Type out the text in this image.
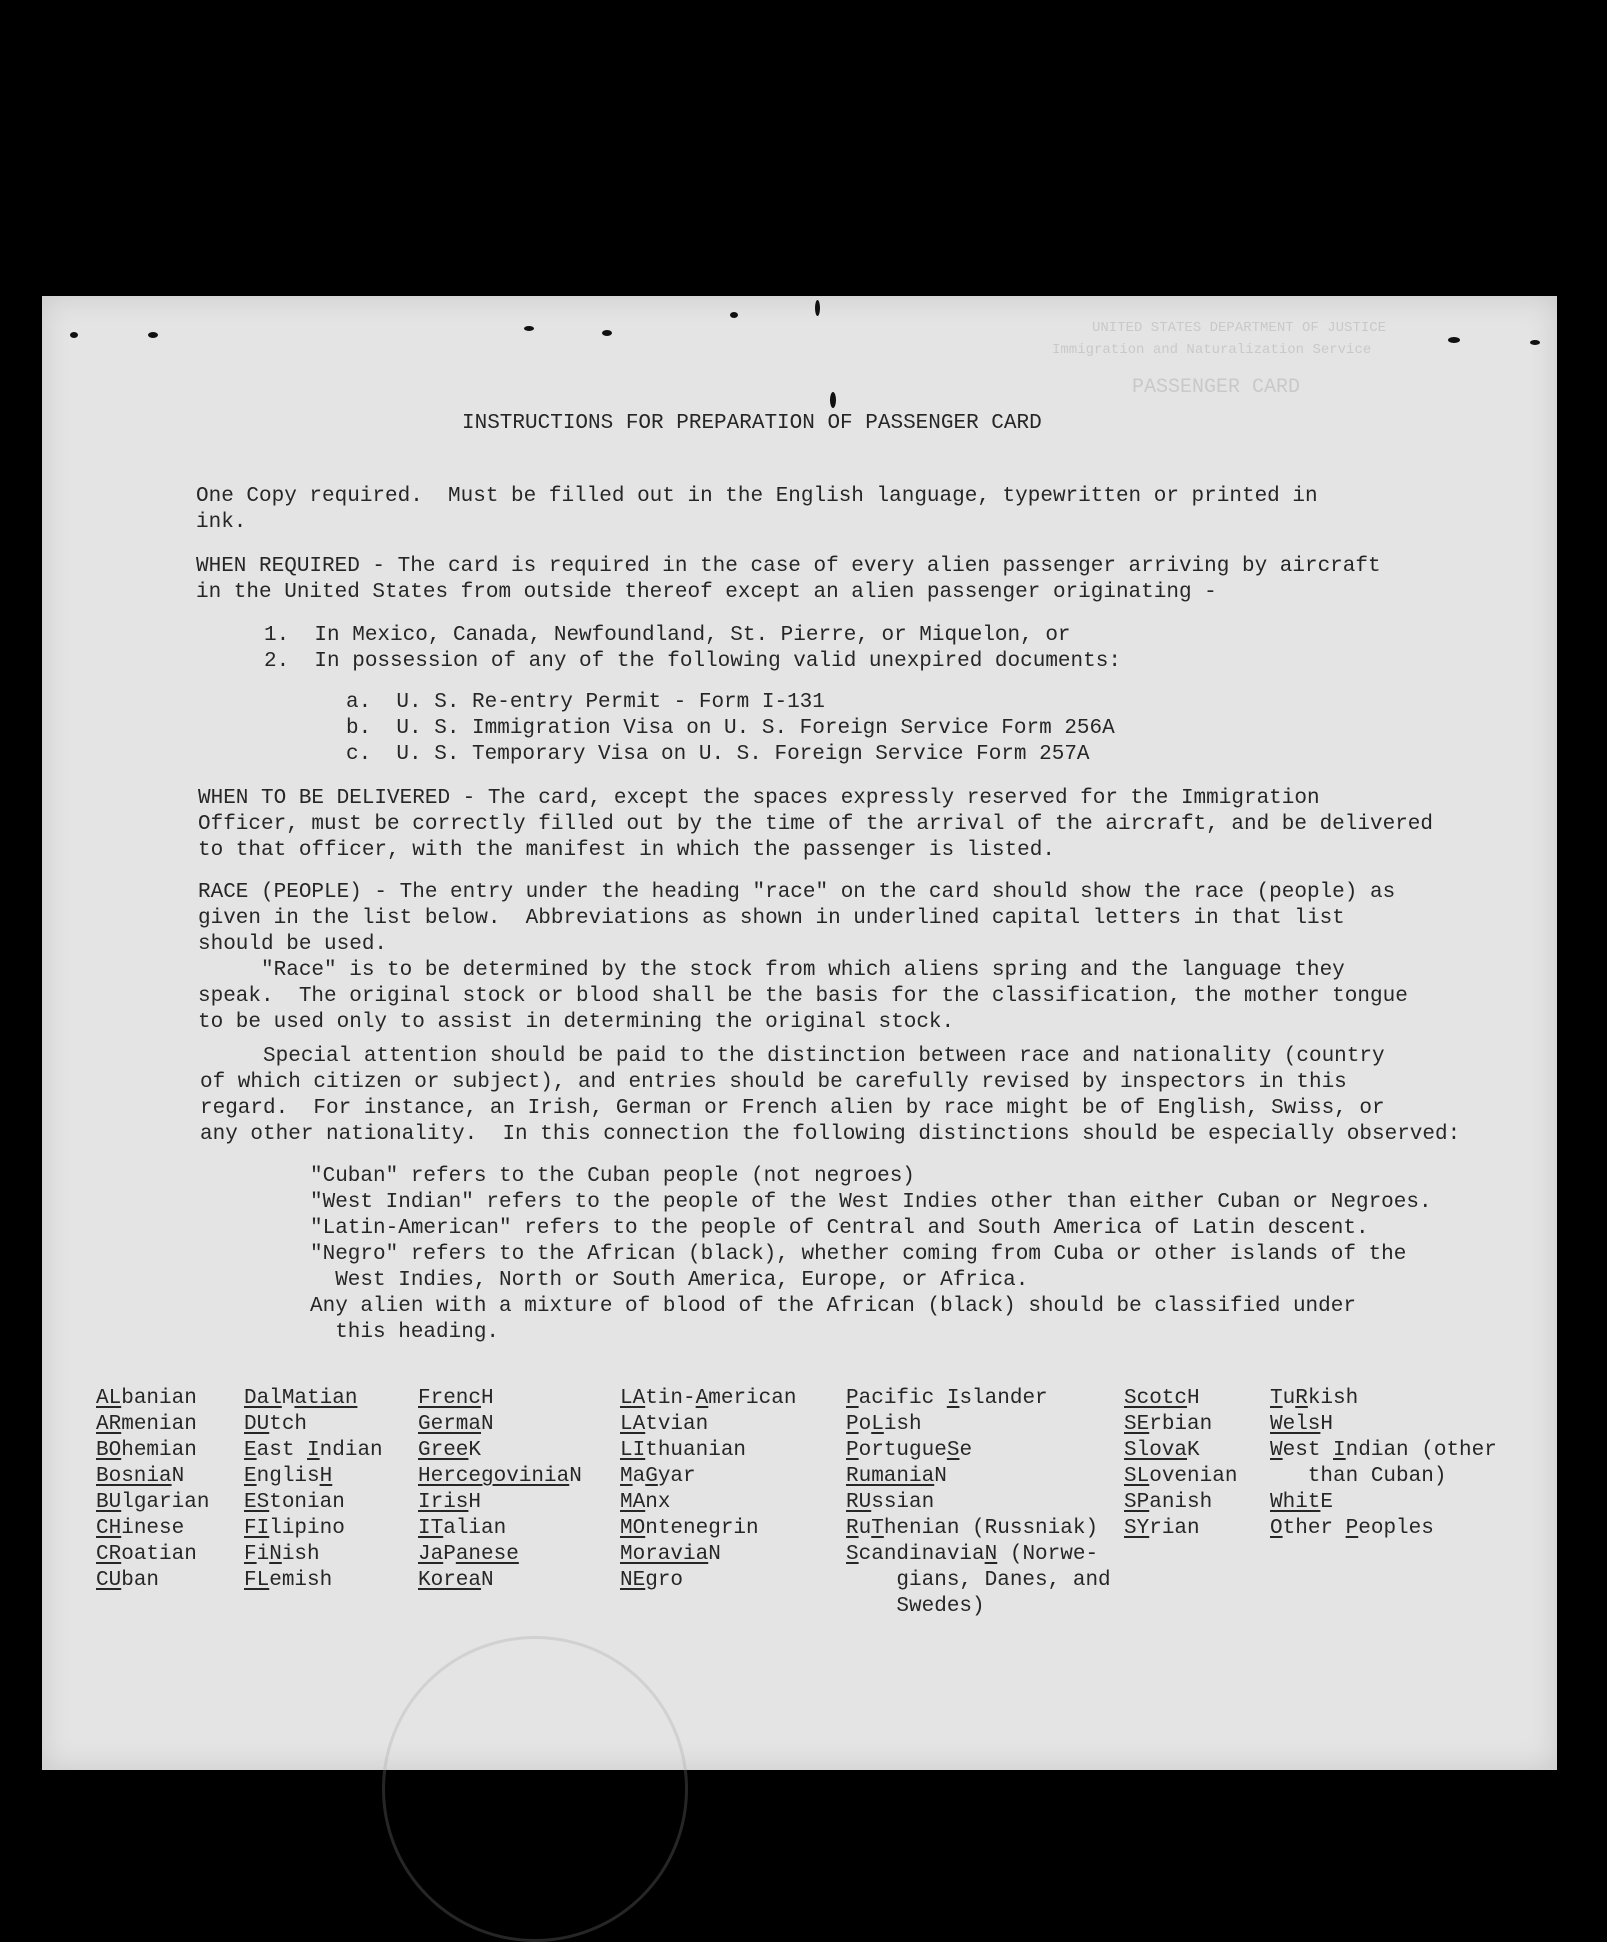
UNITED STATES DEPARTMENT OF JUSTICE
Immigration and Naturalization Service
PASSENGER CARD
INSTRUCTIONS FOR PREPARATION OF PASSENGER CARD
One Copy required.  Must be filled out in the English language, typewritten or printed in
ink.
WHEN REQUIRED - The card is required in the case of every alien passenger arriving by aircraft
in the United States from outside thereof except an alien passenger originating -
1.  In Mexico, Canada, Newfoundland, St. Pierre, or Miquelon, or
2.  In possession of any of the following valid unexpired documents:
a.  U. S. Re-entry Permit - Form I-131
b.  U. S. Immigration Visa on U. S. Foreign Service Form 256A
c.  U. S. Temporary Visa on U. S. Foreign Service Form 257A
WHEN TO BE DELIVERED - The card, except the spaces expressly reserved for the Immigration
Officer, must be correctly filled out by the time of the arrival of the aircraft, and be delivered
to that officer, with the manifest in which the passenger is listed.
RACE (PEOPLE) - The entry under the heading "race" on the card should show the race (people) as
given in the list below.  Abbreviations as shown in underlined capital letters in that list
should be used.
"Race" is to be determined by the stock from which aliens spring and the language they
speak.  The original stock or blood shall be the basis for the classification, the mother tongue
to be used only to assist in determining the original stock.
Special attention should be paid to the distinction between race and nationality (country
of which citizen or subject), and entries should be carefully revised by inspectors in this
regard.  For instance, an Irish, German or French alien by race might be of English, Swiss, or
any other nationality.  In this connection the following distinctions should be especially observed:
"Cuban" refers to the Cuban people (not negroes)
"West Indian" refers to the people of the West Indies other than either Cuban or Negroes.
"Latin-American" refers to the people of Central and South America of Latin descent.
"Negro" refers to the African (black), whether coming from Cuba or other islands of the
West Indies, North or South America, Europe, or Africa.
Any alien with a mixture of blood of the African (black) should be classified under
this heading.
ALbanian
ARmenian
BOhemian
BosniaN
BUlgarian
CHinese
CRoatian
CUban
DalMatian
DUtch
East Indian
EnglisH
EStonian
FIlipino
FiNish
FLemish
FrencH
GermaN
GreeK
HercegoviniaN
IrisH
ITalian
JaPanese
KoreaN
LAtin-American
LAtvian
LIthuanian
MaGyar
MAnx
MOntenegrin
MoraviaN
NEgro
Pacific Islander
PoLish
PortugueSe
RumaniaN
RUssian
RuThenian (Russniak)
ScandinaviaN (Norwe-
gians, Danes, and
Swedes)
ScotcH
SErbian
SlovaK
SLovenian
SPanish
SYrian
TuRkish
WelsH
West Indian (other
than Cuban)
WhitE
Other Peoples
